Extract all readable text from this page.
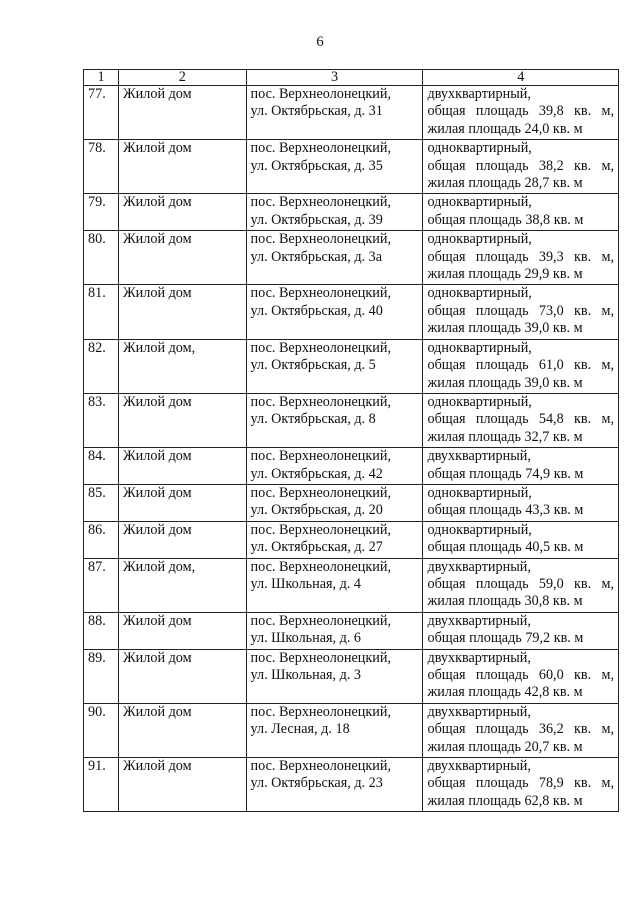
6
1	2	3	4
77.	Жилой дом	пос. Верхнеолонецкий,
ул. Октябрьская, д. 31	двухквартирный,
общая площадь 39,8 кв. м,
жилая площадь 24,0 кв. м

78.	Жилой дом	пос. Верхнеолонецкий,
ул. Октябрьская, д. 35	одноквартирный,
общая площадь 38,2 кв. м,
жилая площадь 28,7 кв. м

79.	Жилой дом	пос. Верхнеолонецкий,
ул. Октябрьская, д. 39	одноквартирный,
общая площадь 38,8 кв. м

80.	Жилой дом	пос. Верхнеолонецкий,
ул. Октябрьская, д. 3а	одноквартирный,
общая площадь 39,3 кв. м,
жилая площадь 29,9 кв. м

81.	Жилой дом	пос. Верхнеолонецкий,
ул. Октябрьская, д. 40	одноквартирный,
общая площадь 73,0 кв. м,
жилая площадь 39,0 кв. м

82.	Жилой дом,	пос. Верхнеолонецкий,
ул. Октябрьская, д. 5	одноквартирный,
общая площадь 61,0 кв. м,
жилая площадь 39,0 кв. м

83.	Жилой дом	пос. Верхнеолонецкий,
ул. Октябрьская, д. 8	одноквартирный,
общая площадь 54,8 кв. м,
жилая площадь 32,7 кв. м

84.	Жилой дом	пос. Верхнеолонецкий,
ул. Октябрьская, д. 42	двухквартирный,
общая площадь 74,9 кв. м

85.	Жилой дом	пос. Верхнеолонецкий,
ул. Октябрьская, д. 20	одноквартирный,
общая площадь 43,3 кв. м

86.	Жилой дом	пос. Верхнеолонецкий,
ул. Октябрьская, д. 27	одноквартирный,
общая площадь 40,5 кв. м

87.	Жилой дом,	пос. Верхнеолонецкий,
ул. Школьная, д. 4	двухквартирный,
общая площадь 59,0 кв. м,
жилая площадь 30,8 кв. м

88.	Жилой дом	пос. Верхнеолонецкий,
ул. Школьная, д. 6	двухквартирный,
общая площадь 79,2 кв. м

89.	Жилой дом	пос. Верхнеолонецкий,
ул. Школьная, д. 3	двухквартирный,
общая площадь 60,0 кв. м,
жилая площадь 42,8 кв. м

90.	Жилой дом	пос. Верхнеолонецкий,
ул. Лесная, д. 18	двухквартирный,
общая площадь 36,2 кв. м,
жилая площадь 20,7 кв. м

91.	Жилой дом	пос. Верхнеолонецкий,
ул. Октябрьская, д. 23	двухквартирный,
общая площадь 78,9 кв. м,
жилая площадь 62,8 кв. м
